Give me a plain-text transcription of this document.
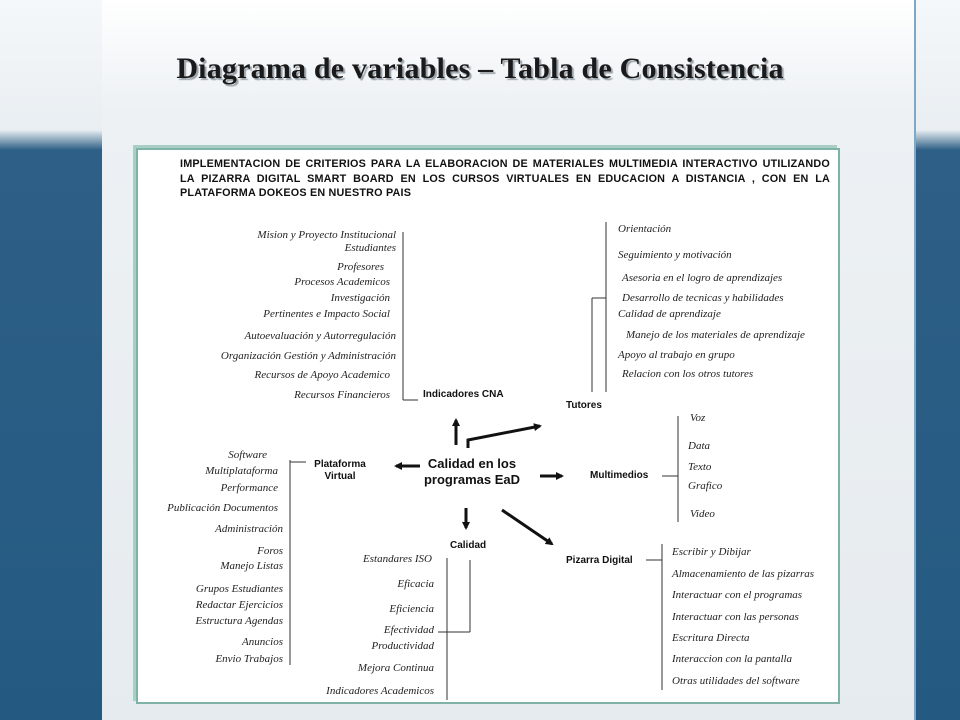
Diagrama de variables – Tabla de Consistencia
IMPLEMENTACION DE CRITERIOS PARA LA ELABORACION DE MATERIALES MULTIMEDIA INTERACTIVO UTILIZANDO LA PIZARRA DIGITAL SMART BOARD EN LOS CURSOS VIRTUALES EN EDUCACION A DISTANCIA , CON EN LA PLATAFORMA DOKEOS EN NUESTRO PAIS
Calidad en los programas EaD
Indicadores CNA
Tutores
Plataforma
Virtual	Multimedios
Calidad
Pizarra Digital
Mision y Proyecto Institucional
Estudiantes
Profesores
Procesos Academicos
Investigación
Pertinentes e Impacto Social
Autoevaluación y Autorregulación
Organización Gestión y Administración
Recursos de Apoyo Academico
Recursos Financieros
Orientación
Seguimiento y motivación
Asesoria en el logro de aprendizajes
Desarrollo de tecnicas y habilidades
Calidad de aprendizaje
Manejo de los materiales de aprendizaje
Apoyo al trabajo en grupo
Relacion con los otros tutores
Voz
Data
Texto
Grafico
Video
Software
Multiplataforma
Performance
Publicación Documentos
Administración
Foros
Manejo Listas
Grupos Estudiantes
Redactar Ejercicios
Estructura Agendas
Anuncios
Envio Trabajos
Estandares ISO
Eficacia
Eficiencia
Efectividad
Productividad
Mejora Continua
Indicadores Academicos
Escribir y Dibijar
Almacenamiento de las pizarras
Interactuar con el programas
Interactuar con las personas
Escritura Directa
Interaccion con la pantalla
Otras utilidades del software
